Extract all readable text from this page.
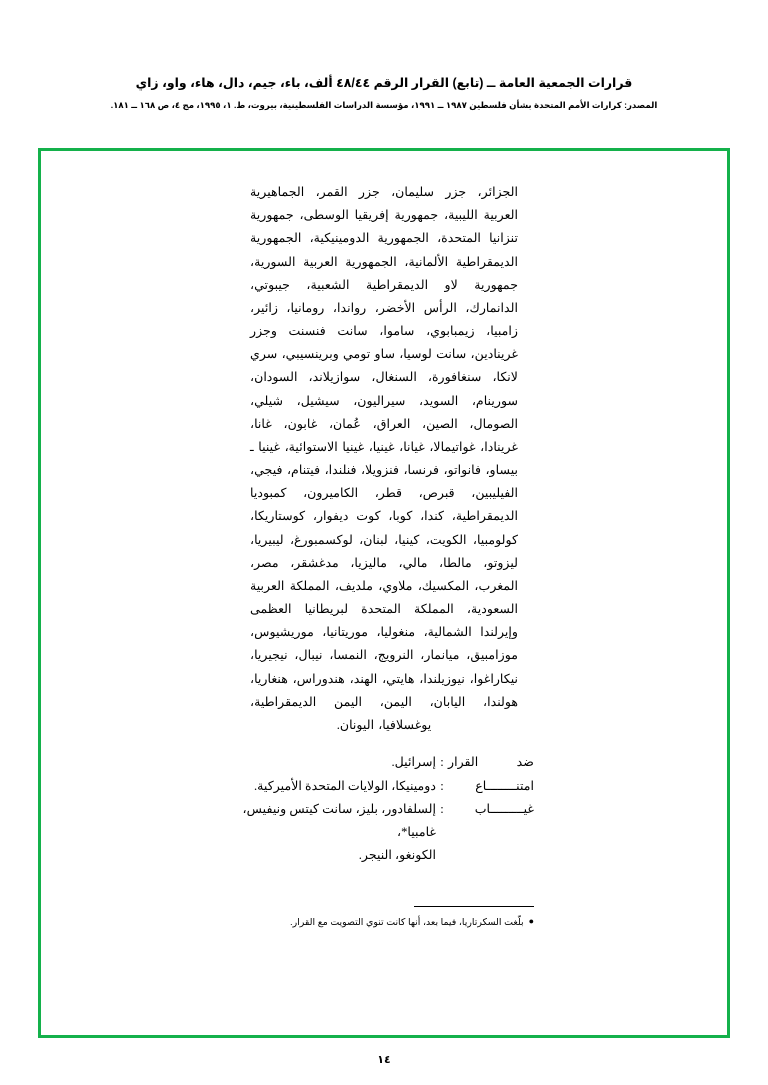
قرارات الجمعية العامة ــ (تابع) القرار الرقم ٤٨/٤٤ ألف، باء، جيم، دال، هاء، واو، زاي
المصدر: كرارات الأمم المتحدة بشأن فلسطين ١٩٨٧ ــ ١٩٩١، مؤسسة الدراسات الفلسطينية، بيروت، ط. ١، ١٩٩٥، مج ٤، ص ١٦٨ ــ ١٨١.
الجزائر، جزر سليمان، جزر القمر، الجماهيرية العربية الليبية، جمهورية إفريقيا الوسطى، جمهورية تنزانيا المتحدة، الجمهورية الدومينيكية، الجمهورية الديمقراطية الألمانية، الجمهورية العربية السورية، جمهورية لاو الديمقراطية الشعبية، جيبوتي، الدانمارك، الرأس الأخضر، رواندا، رومانيا، زائير، زامبيا، زيمبابوي، ساموا، سانت فنسنت وجزر غرينادين، سانت لوسيا، ساو تومي وبرينسيبي، سري لانكا، سنغافورة، السنغال، سوازيلاند، السودان، سورينام، السويد، سيراليون، سيشيل، شيلي، الصومال، الصين، العراق، عُمان، غابون، غانا، غرينادا، غواتيمالا، غيانا، غينيا، غينيا الاستوائية، غينيا ـ بيساو، فانواتو، فرنسا، فنزويلا، فنلندا، فيتنام، فيجي، الفيليبين، قبرص، قطر، الكاميرون، كمبوديا الديمقراطية، كندا، كوبا، كوت ديفوار، كوستاريكا، كولومبيا، الكويت، كينيا، لبنان، لوكسمبورغ، ليبيريا، ليزوتو، مالطا، مالي، ماليزيا، مدغشقر، مصر، المغرب، المكسيك، ملاوي، ملديف، المملكة العربية السعودية، المملكة المتحدة لبريطانيا العظمى وإيرلندا الشمالية، منغوليا، موريتانيا، موريشيوس، موزامبيق، ميانمار، النرويج، النمسا، نيبال، نيجيريا، نيكاراغوا، نيوزيلندا، هايتي، الهند، هندوراس، هنغاريا، هولندا، اليابان، اليمن، اليمن الديمقراطية، يوغسلافيا، اليونان.
ضد القرار
:
إسرائيل.
امتنــــــــاع
:
دومينيكا، الولايات المتحدة الأميركية.
غيـــــــــاب
:
إلسلفادور، بليز، سانت كيتس ونيفيس، غامبيا*،
الكونغو، النيجر.
●
بلّغت السكرتاريا، فيما بعد، أنها كانت تنوي التصويت مع القرار.
١٤
